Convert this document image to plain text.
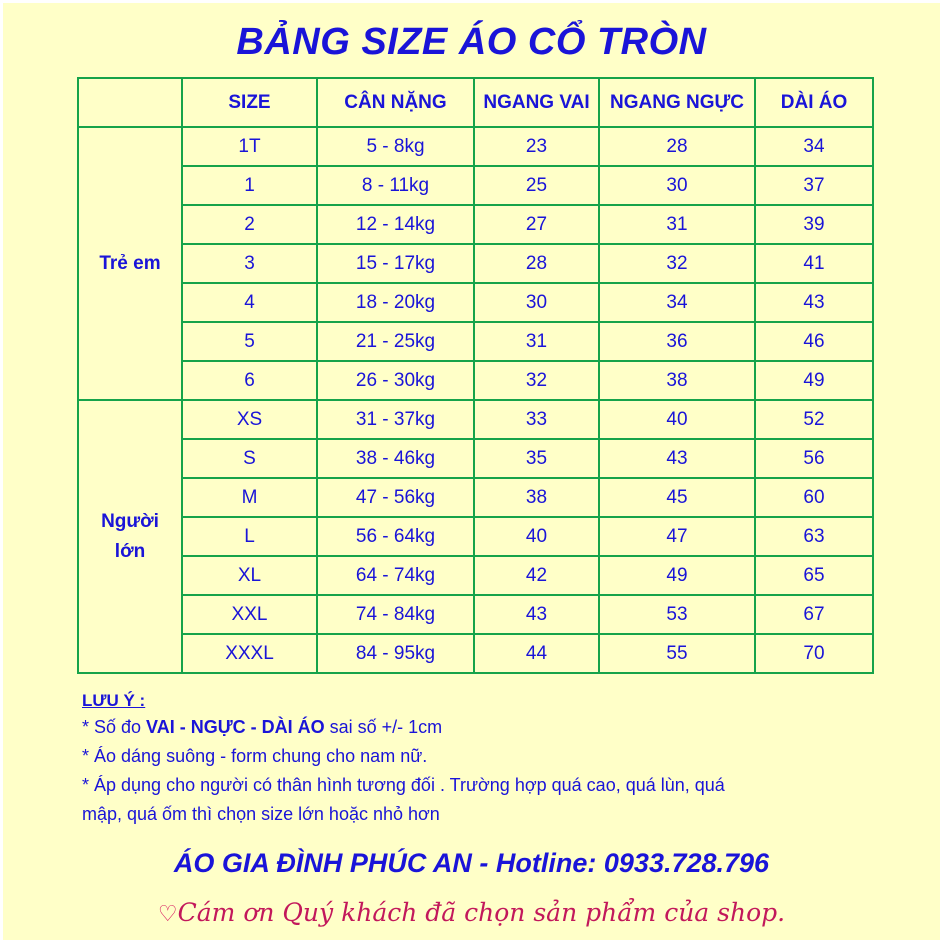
BẢNG SIZE ÁO CỔ TRÒN
	SIZE	CÂN NẶNG	NGANG VAI	NGANG NGỰC	DÀI ÁO
Trẻ em	1T	5 - 8kg	23	28	34
	1	8 - 11kg	25	30	37
	2	12 - 14kg	27	31	39
	3	15 - 17kg	28	32	41
	4	18 - 20kg	30	34	43
	5	21 - 25kg	31	36	46
	6	26 - 30kg	32	38	49
Người lớn	XS	31 - 37kg	33	40	52
	S	38 - 46kg	35	43	56
	M	47 - 56kg	38	45	60
	L	56 - 64kg	40	47	63
	XL	64 - 74kg	42	49	65
	XXL	74 - 84kg	43	53	67
	XXXL	84 - 95kg	44	55	70
LƯU Ý :
* Số đo VAI - NGỰC - DÀI ÁO sai số +/- 1cm
* Áo dáng suông - form chung cho nam nữ.
* Áp dụng cho người có thân hình tương đối . Trường hợp quá cao, quá lùn, quá
mập, quá ốm thì chọn size lớn hoặc nhỏ hơn
ÁO GIA ĐÌNH PHÚC AN - Hotline: 0933.728.796
♡Cám ơn Quý khách đã chọn sản phẩm của shop.
